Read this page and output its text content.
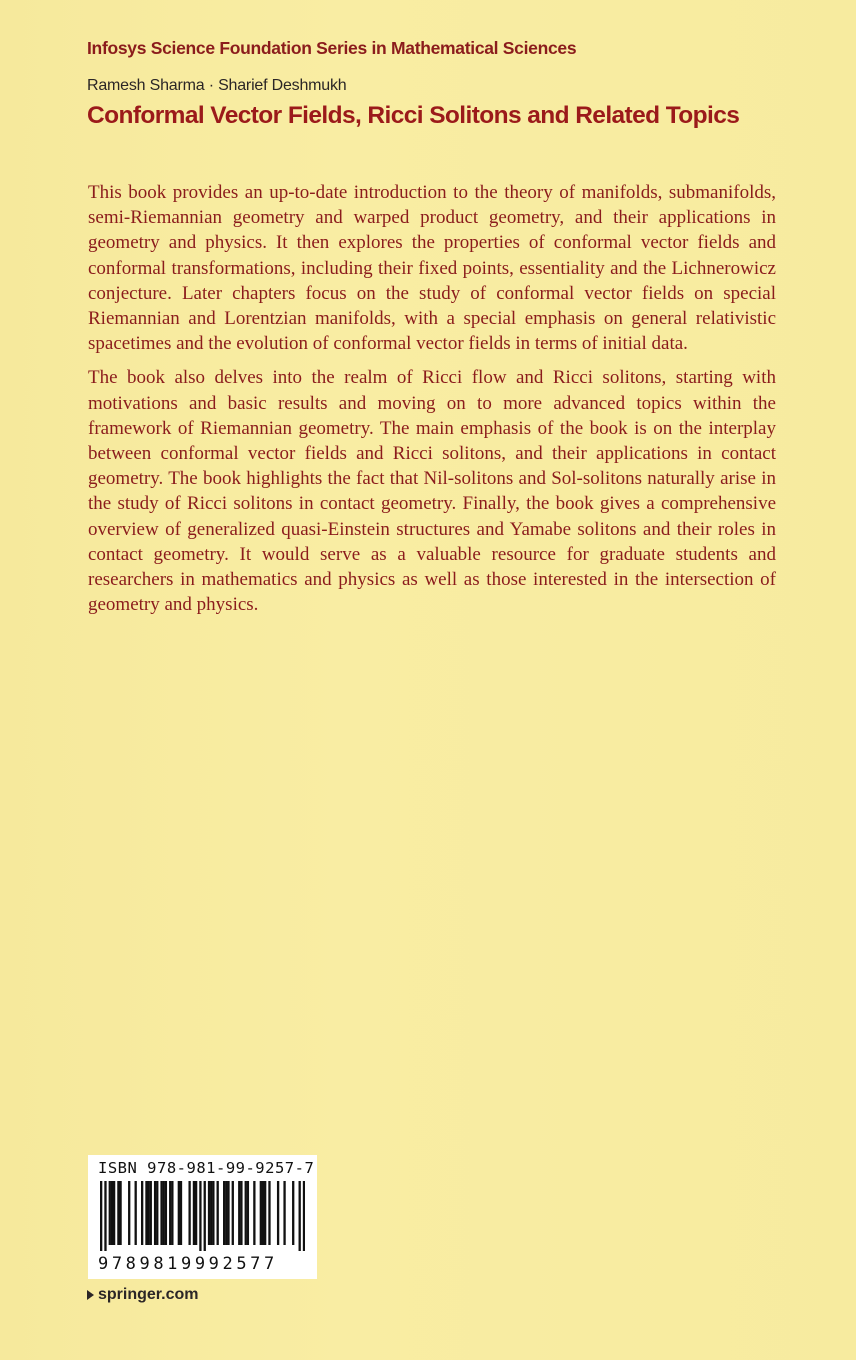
Infosys Science Foundation Series in Mathematical Sciences
Ramesh Sharma · Sharief Deshmukh
Conformal Vector Fields, Ricci Solitons and Related Topics

This book provides an up-to-date introduction to the theory of manifolds, submanifolds, semi-Riemannian geometry and warped product geometry, and their applications in geometry and physics. It then explores the properties of conformal vector fields and conformal transformations, including their fixed points, essentiality and the Lichnerowicz conjecture. Later chapters focus on the study of conformal vector fields on special Riemannian and Lorentzian manifolds, with a special emphasis on general relativistic spacetimes and the evolution of conformal vector fields in terms of initial data.

The book also delves into the realm of Ricci flow and Ricci solitons, starting with motivations and basic results and moving on to more advanced topics within the framework of Riemannian geometry. The main emphasis of the book is on the interplay between conformal vector fields and Ricci solitons, and their applications in contact geometry. The book highlights the fact that Nil-solitons and Sol-solitons naturally arise in the study of Ricci solitons in contact geometry. Finally, the book gives a comprehensive overview of generalized quasi-Einstein structures and Yamabe solitons and their roles in contact geometry. It would serve as a valuable resource for graduate students and researchers in mathematics and physics as well as those interested in the intersection of geometry and physics.

ISBN 978-981-99-9257-7
9789819992577
springer.com
